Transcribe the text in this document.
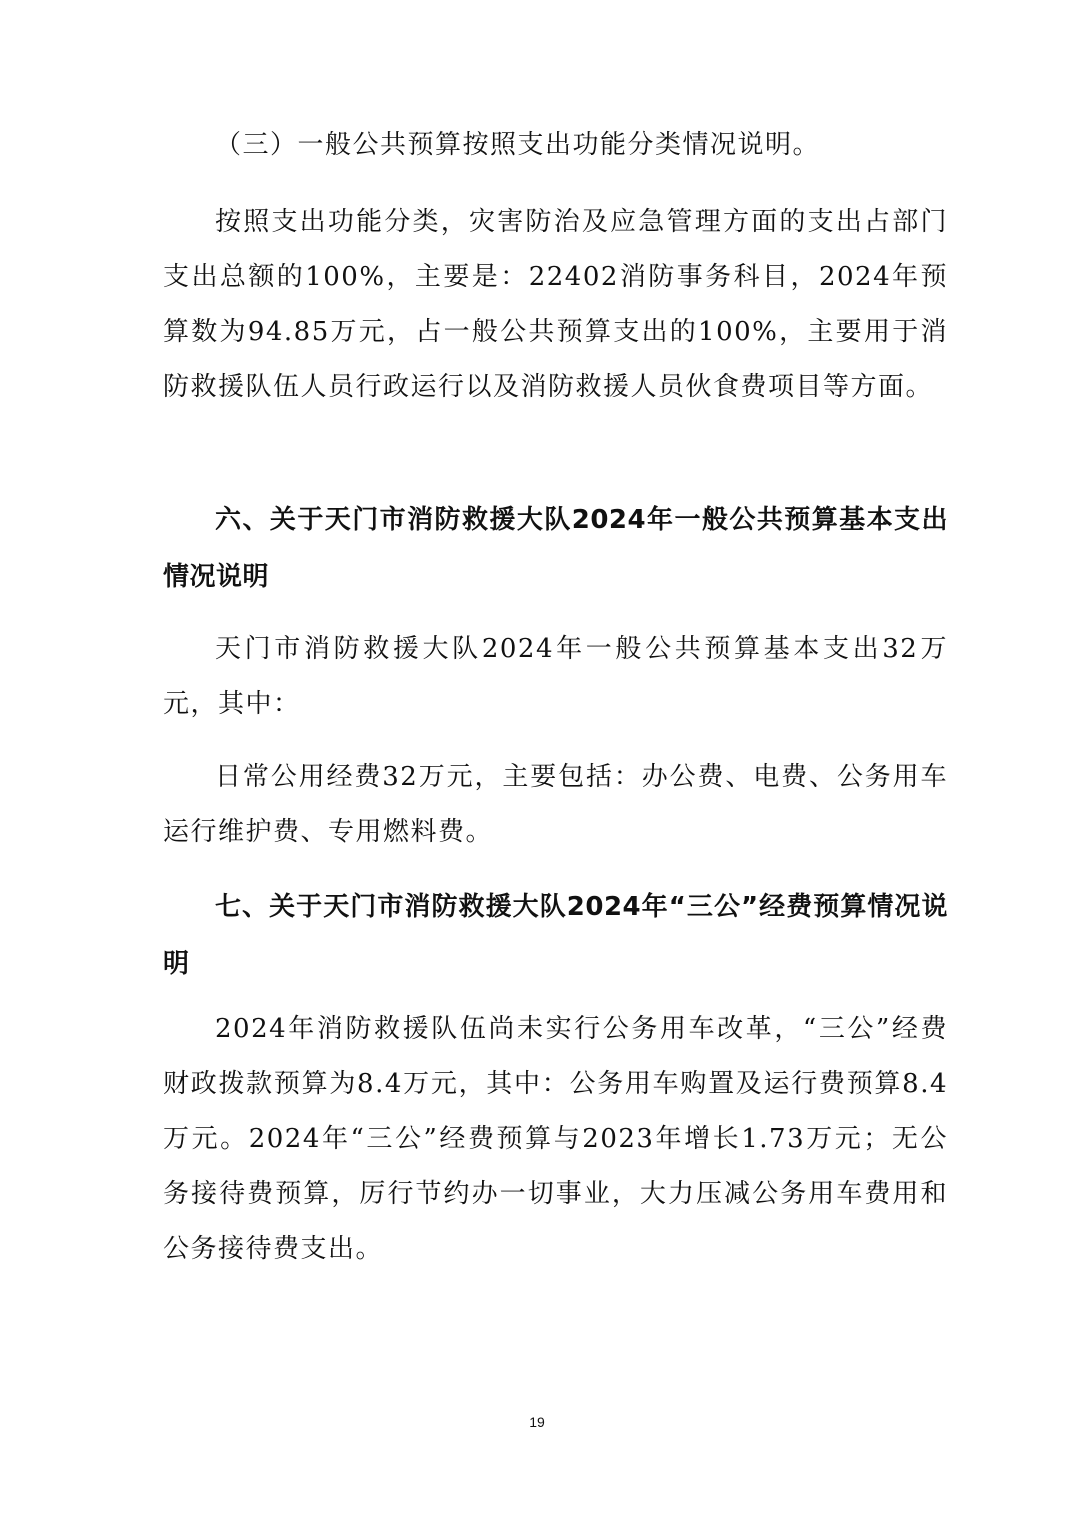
（三）一般公共预算按照支出功能分类情况说明。

按照支出功能分类，灾害防治及应急管理方面的支出占部门支出总额的100%，主要是：22402消防事务科目，2024年预算数为94.85万元，占一般公共预算支出的100%，主要用于消防救援队伍人员行政运行以及消防救援人员伙食费项目等方面。

六、关于天门市消防救援大队2024年一般公共预算基本支出情况说明

天门市消防救援大队2024年一般公共预算基本支出32万元，其中：

日常公用经费32万元，主要包括：办公费、电费、公务用车运行维护费、专用燃料费。

七、关于天门市消防救援大队2024年“三公”经费预算情况说明

2024年消防救援队伍尚未实行公务用车改革，“三公”经费财政拨款预算为8.4万元，其中：公务用车购置及运行费预算8.4万元。2024年“三公”经费预算与2023年增长1.73万元；无公务接待费预算，厉行节约办一切事业，大力压减公务用车费用和公务接待费支出。

19
